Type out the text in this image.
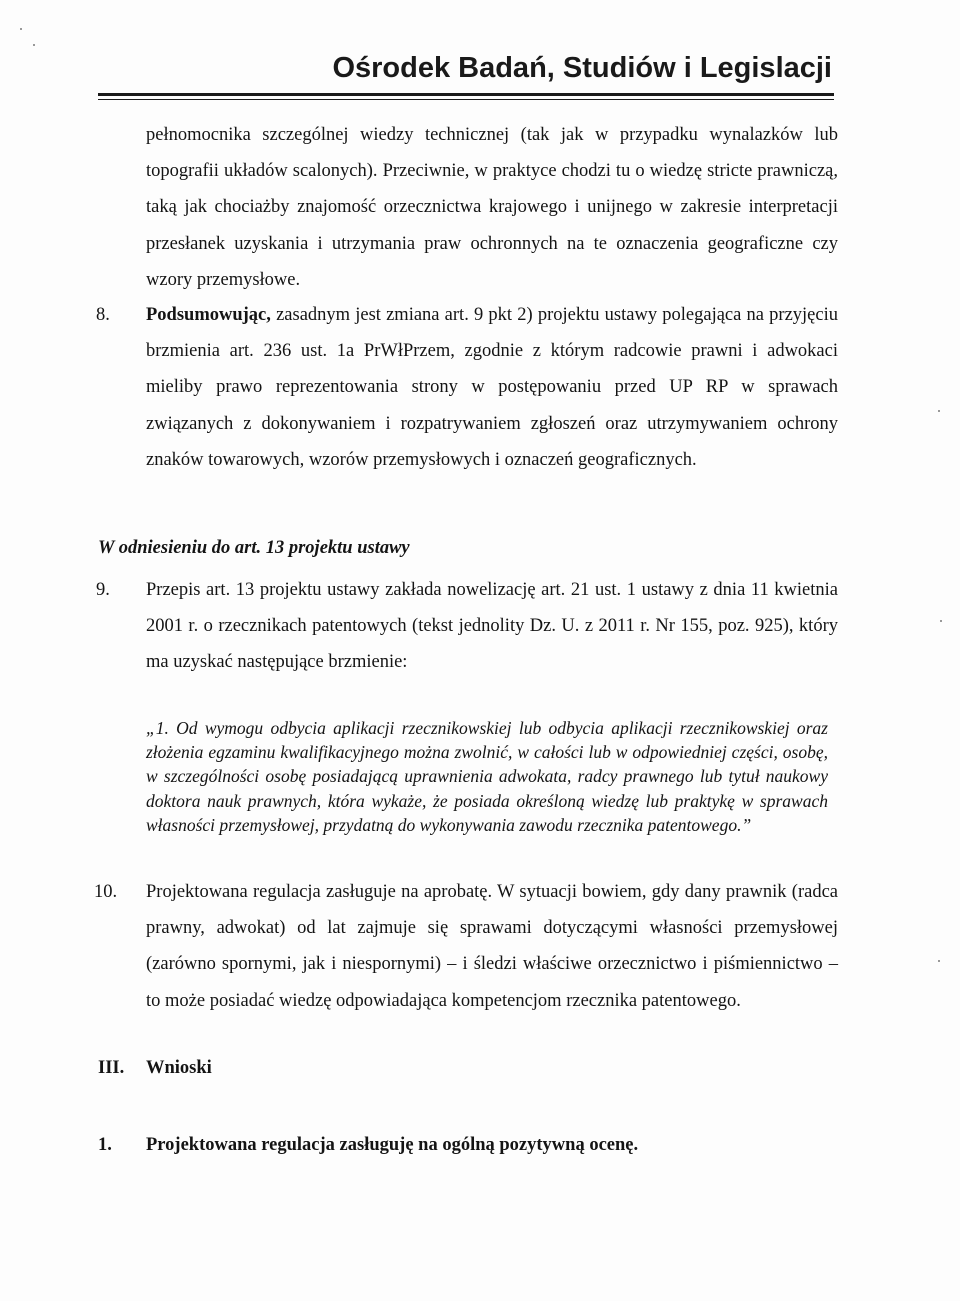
Ośrodek Badań, Studiów i Legislacji
pełnomocnika szczególnej wiedzy technicznej (tak jak w przypadku wynalazków lub topografii układów scalonych). Przeciwnie, w praktyce chodzi tu o wiedzę stricte prawniczą, taką jak chociażby znajomość orzecznictwa krajowego i unijnego w zakresie interpretacji przesłanek uzyskania i utrzymania praw ochronnych na te oznaczenia geograficzne czy wzory przemysłowe.
8. Podsumowując, zasadnym jest zmiana art. 9 pkt 2) projektu ustawy polegająca na przyjęciu brzmienia art. 236 ust. 1a PrWłPrzem, zgodnie z którym radcowie prawni i adwokaci mieliby prawo reprezentowania strony w postępowaniu przed UP RP w sprawach związanych z dokonywaniem i rozpatrywaniem zgłoszeń oraz utrzymywaniem ochrony znaków towarowych, wzorów przemysłowych i oznaczeń geograficznych.
W odniesieniu do art. 13 projektu ustawy
9. Przepis art. 13 projektu ustawy zakłada nowelizację art. 21 ust. 1 ustawy z dnia 11 kwietnia 2001 r. o rzecznikach patentowych (tekst jednolity Dz. U. z 2011 r. Nr 155, poz. 925), który ma uzyskać następujące brzmienie:
„1. Od wymogu odbycia aplikacji rzecznikowskiej lub odbycia aplikacji rzecznikowskiej oraz złożenia egzaminu kwalifikacyjnego można zwolnić, w całości lub w odpowiedniej części, osobę, w szczególności osobę posiadającą uprawnienia adwokata, radcy prawnego lub tytuł naukowy doktora nauk prawnych, która wykaże, że posiada określoną wiedzę lub praktykę w sprawach własności przemysłowej, przydatną do wykonywania zawodu rzecznika patentowego.”
10. Projektowana regulacja zasługuje na aprobatę. W sytuacji bowiem, gdy dany prawnik (radca prawny, adwokat) od lat zajmuje się sprawami dotyczącymi własności przemysłowej (zarówno spornymi, jak i niespornymi) – i śledzi właściwe orzecznictwo i piśmiennictwo – to może posiadać wiedzę odpowiadająca kompetencjom rzecznika patentowego.
III. Wnioski
1. Projektowana regulacja zasługuję na ogólną pozytywną ocenę.
